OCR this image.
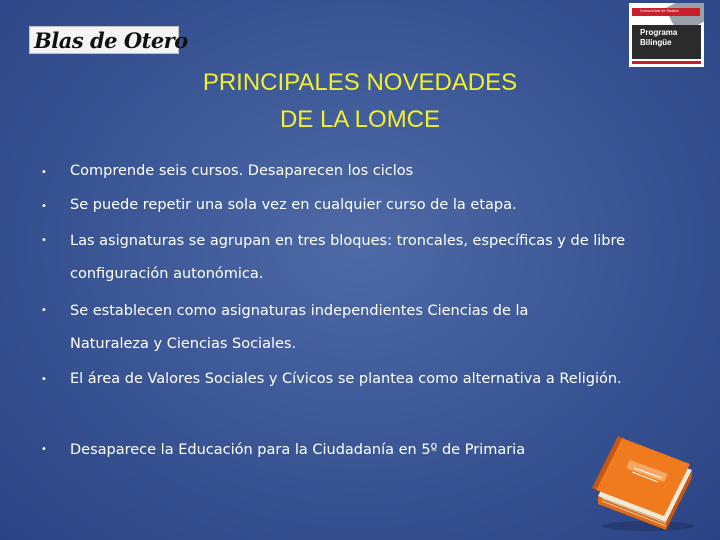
Blas de Otero
Comunidad de Madrid
Programa
Bilingüe
PRINCIPALES NOVEDADES
DE LA LOMCE
• Comprende seis cursos. Desaparecen los ciclos
• Se puede repetir una sola vez en cualquier curso de la etapa.
• Las asignaturas se agrupan en tres bloques: troncales, específicas y de libre configuración autonómica.
• Se establecen como asignaturas independientes Ciencias de la Naturaleza y Ciencias Sociales.
• El área de Valores Sociales y Cívicos se plantea como alternativa a Religión.
• Desaparece la Educación para la Ciudadanía en 5º de Primaria
